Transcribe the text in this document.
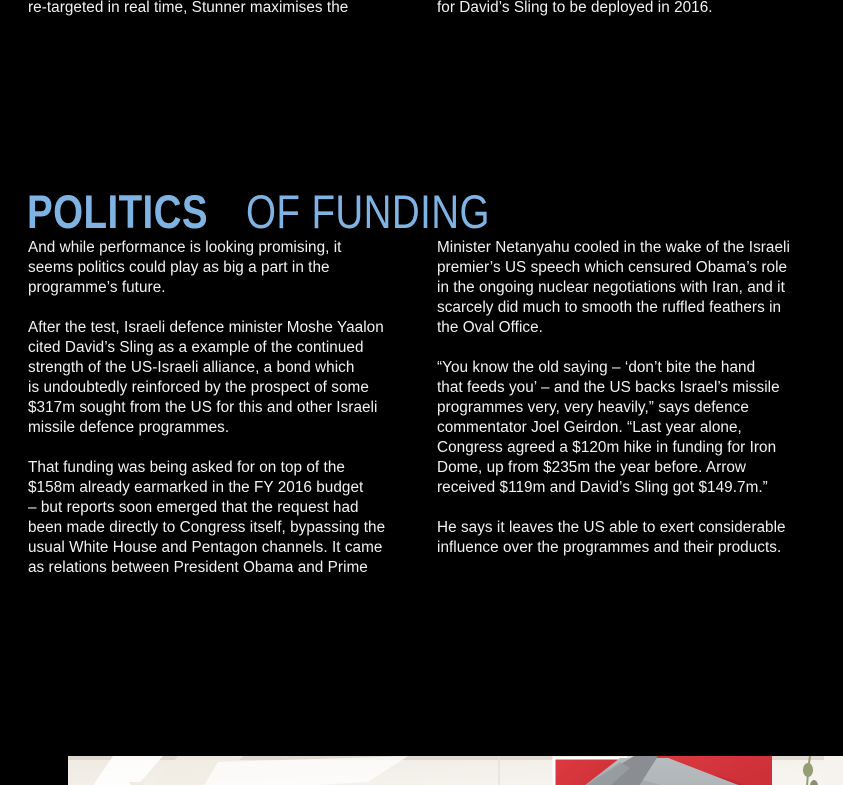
re-targeted in real time, Stunner maximises the	for David’s Sling to be deployed in 2016.
POLITICS OF FUNDING

And while performance is looking promising, it
seems politics could play as big a part in the
programme’s future.

After the test, Israeli defence minister Moshe Yaalon
cited David’s Sling as a example of the continued
strength of the US-Israeli alliance, a bond which
is undoubtedly reinforced by the prospect of some
$317m sought from the US for this and other Israeli
missile defence programmes.

That funding was being asked for on top of the
$158m already earmarked in the FY 2016 budget
– but reports soon emerged that the request had
been made directly to Congress itself, bypassing the
usual White House and Pentagon channels. It came
as relations between President Obama and Prime

Minister Netanyahu cooled in the wake of the Israeli
premier’s US speech which censured Obama’s role
in the ongoing nuclear negotiations with Iran, and it
scarcely did much to smooth the ruffled feathers in
the Oval Office.

“You know the old saying – ‘don’t bite the hand
that feeds you’ – and the US backs Israel’s missile
programmes very, very heavily,” says defence
commentator Joel Geirdon. “Last year alone,
Congress agreed a $120m hike in funding for Iron
Dome, up from $235m the year before. Arrow
received $119m and David’s Sling got $149.7m.”

He says it leaves the US able to exert considerable
influence over the programmes and their products.
